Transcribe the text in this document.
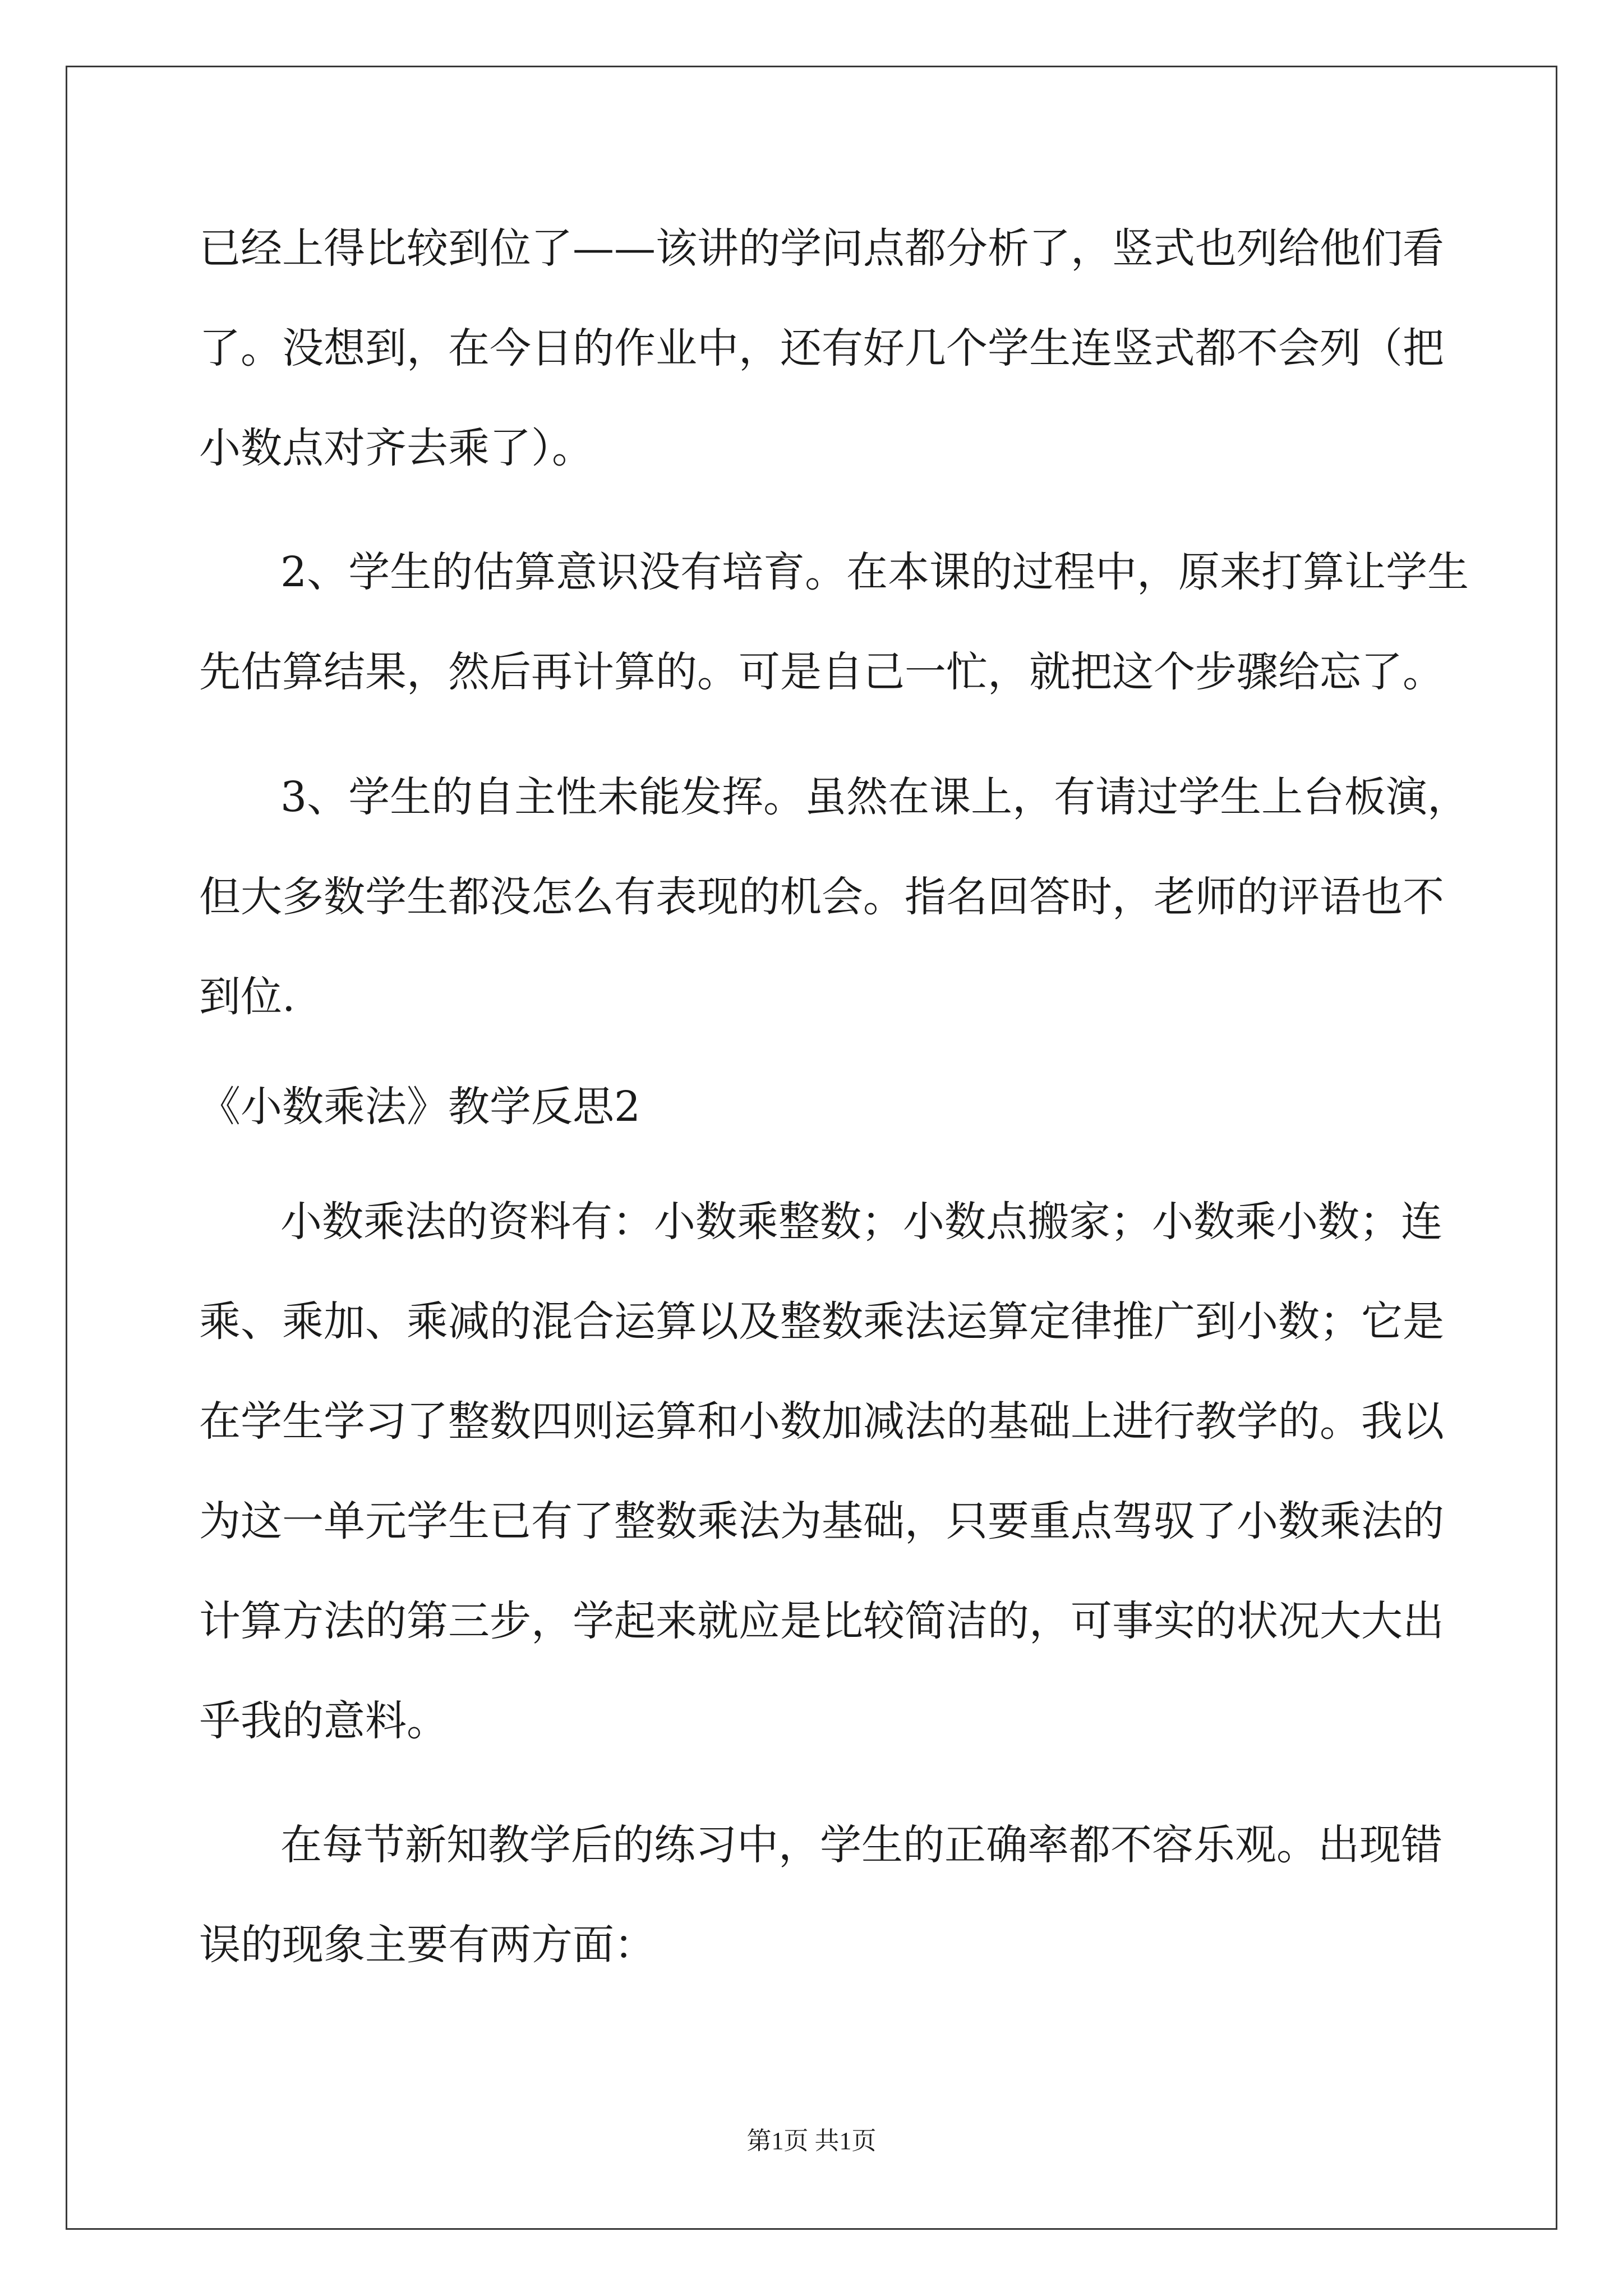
已经上得比较到位了——该讲的学问点都分析了，竖式也列给他们看
了。没想到，在今日的作业中，还有好几个学生连竖式都不会列（把
小数点对齐去乘了）。
2、学生的估算意识没有培育。在本课的过程中，原来打算让学生
先估算结果，然后再计算的。可是自己一忙，就把这个步骤给忘了。
3、学生的自主性未能发挥。虽然在课上，有请过学生上台板演，
但大多数学生都没怎么有表现的机会。指名回答时，老师的评语也不
到位.
《小数乘法》教学反思2
小数乘法的资料有：小数乘整数；小数点搬家；小数乘小数；连
乘、乘加、乘减的混合运算以及整数乘法运算定律推广到小数；它是
在学生学习了整数四则运算和小数加减法的基础上进行教学的。我以
为这一单元学生已有了整数乘法为基础，只要重点驾驭了小数乘法的
计算方法的第三步，学起来就应是比较简洁的，可事实的状况大大出
乎我的意料。
在每节新知教学后的练习中，学生的正确率都不容乐观。出现错
误的现象主要有两方面：
第1页 共1页
